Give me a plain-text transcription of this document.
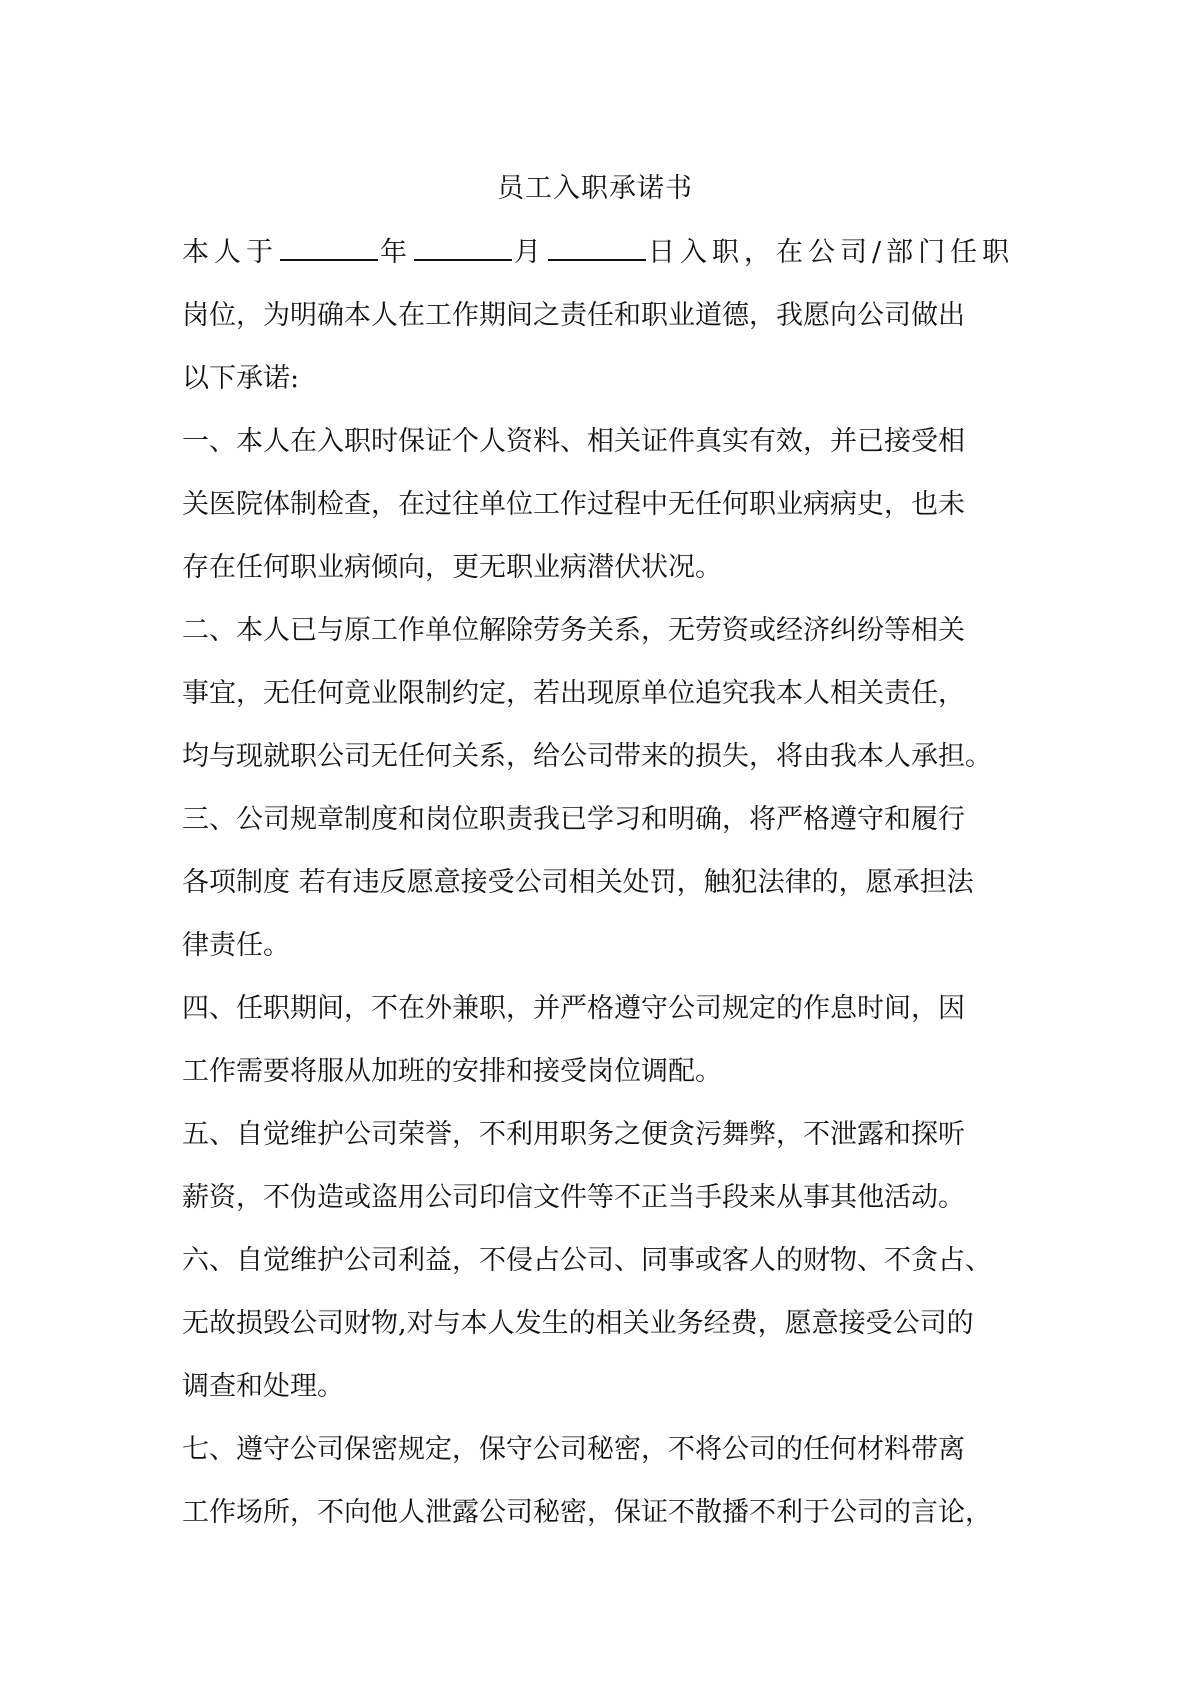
员工入职承诺书
本人于	年	月	日入职，在公司/部门任职
岗位，为明确本人在工作期间之责任和职业道德，我愿向公司做出
以下承诺:
一、本人在入职时保证个人资料、相关证件真实有效，并已接受相
关医院体制检查，在过往单位工作过程中无任何职业病病史，也未
存在任何职业病倾向，更无职业病潜伏状况。
二、本人已与原工作单位解除劳务关系，无劳资或经济纠纷等相关
事宜，无任何竟业限制约定，若出现原单位追究我本人相关责任，
均与现就职公司无任何关系，给公司带来的损失，将由我本人承担。
三、公司规章制度和岗位职责我已学习和明确，将严格遵守和履行
各项制度 若有违反愿意接受公司相关处罚，触犯法律的，愿承担法
律责任。
四、任职期间，不在外兼职，并严格遵守公司规定的作息时间，因
工作需要将服从加班的安排和接受岗位调配。
五、自觉维护公司荣誉，不利用职务之便贪污舞弊，不泄露和探听
薪资，不伪造或盗用公司印信文件等不正当手段来从事其他活动。
六、自觉维护公司利益，不侵占公司、同事或客人的财物、不贪占、
无故损毁公司财物,对与本人发生的相关业务经费，愿意接受公司的
调查和处理。
七、遵守公司保密规定，保守公司秘密，不将公司的任何材料带离
工作场所，不向他人泄露公司秘密，保证不散播不利于公司的言论，
